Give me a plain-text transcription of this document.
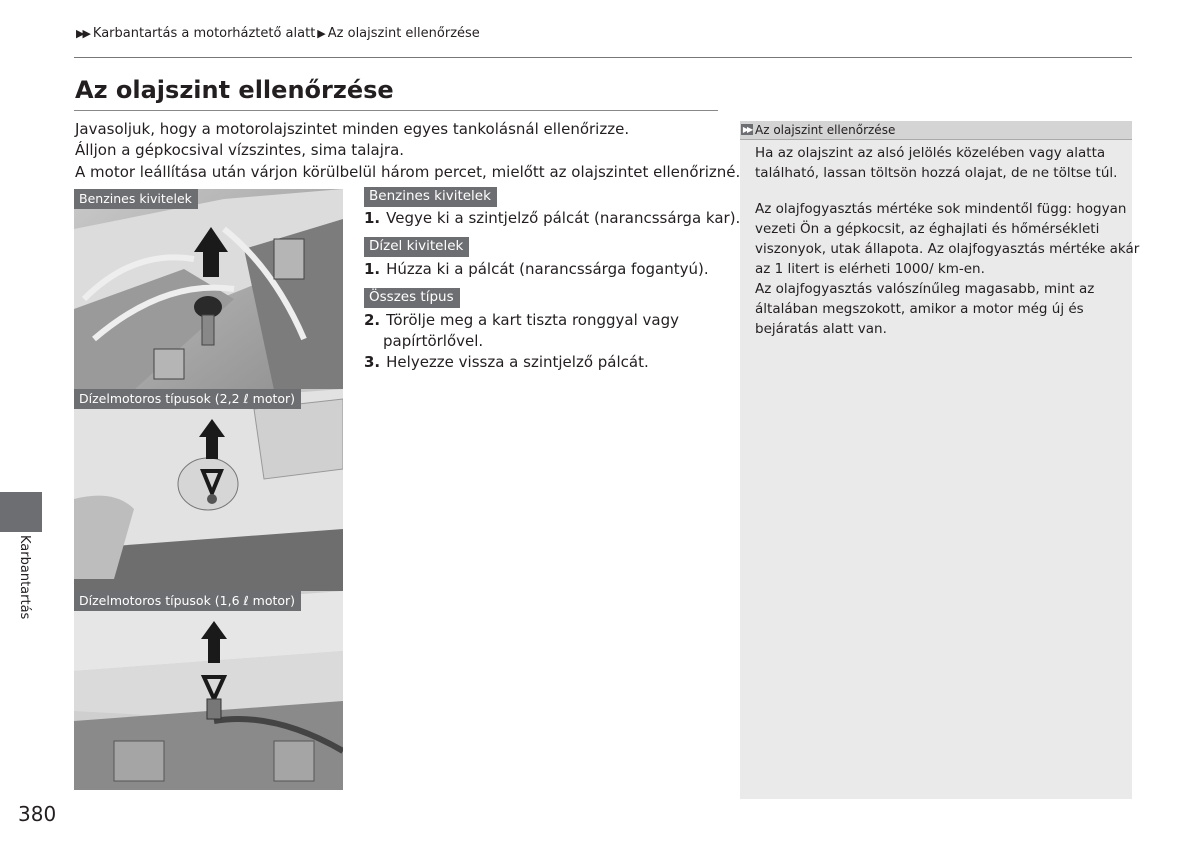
▶▶ Karbantartás a motorháztető alatt ▶ Az olajszint ellenőrzése
Az olajszint ellenőrzése
Javasoljuk, hogy a motorolajszintet minden egyes tankolásnál ellenőrizze.
Álljon a gépkocsival vízszintes, sima talajra.
A motor leállítása után várjon körülbelül három percet, mielőtt az olajszintet ellenőrizné.
Benzines kivitelek
Dízelmotoros típusok (2,2 ℓ motor)
Dízelmotoros típusok (1,6 ℓ motor)
Benzines kivitelek
1. Vegye ki a szintjelző pálcát (narancssárga kar).
Dízel kivitelek
1. Húzza ki a pálcát (narancssárga fogantyú).
Összes típus
2. Törölje meg a kart tiszta ronggyal vagy
papírtörlővel.
3. Helyezze vissza a szintjelző pálcát.
▶▶ Az olajszint ellenőrzése
Ha az olajszint az alsó jelölés közelében vagy alatta
található, lassan töltsön hozzá olajat, de ne töltse túl.
Az olajfogyasztás mértéke sok mindentől függ: hogyan
vezeti Ön a gépkocsit, az éghajlati és hőmérsékleti
viszonyok, utak állapota. Az olajfogyasztás mértéke akár
az 1 litert is elérheti 1000/ km-en.
Az olajfogyasztás valószínűleg magasabb, mint az
általában megszokott, amikor a motor még új és
bejáratás alatt van.
Karbantartás
380
